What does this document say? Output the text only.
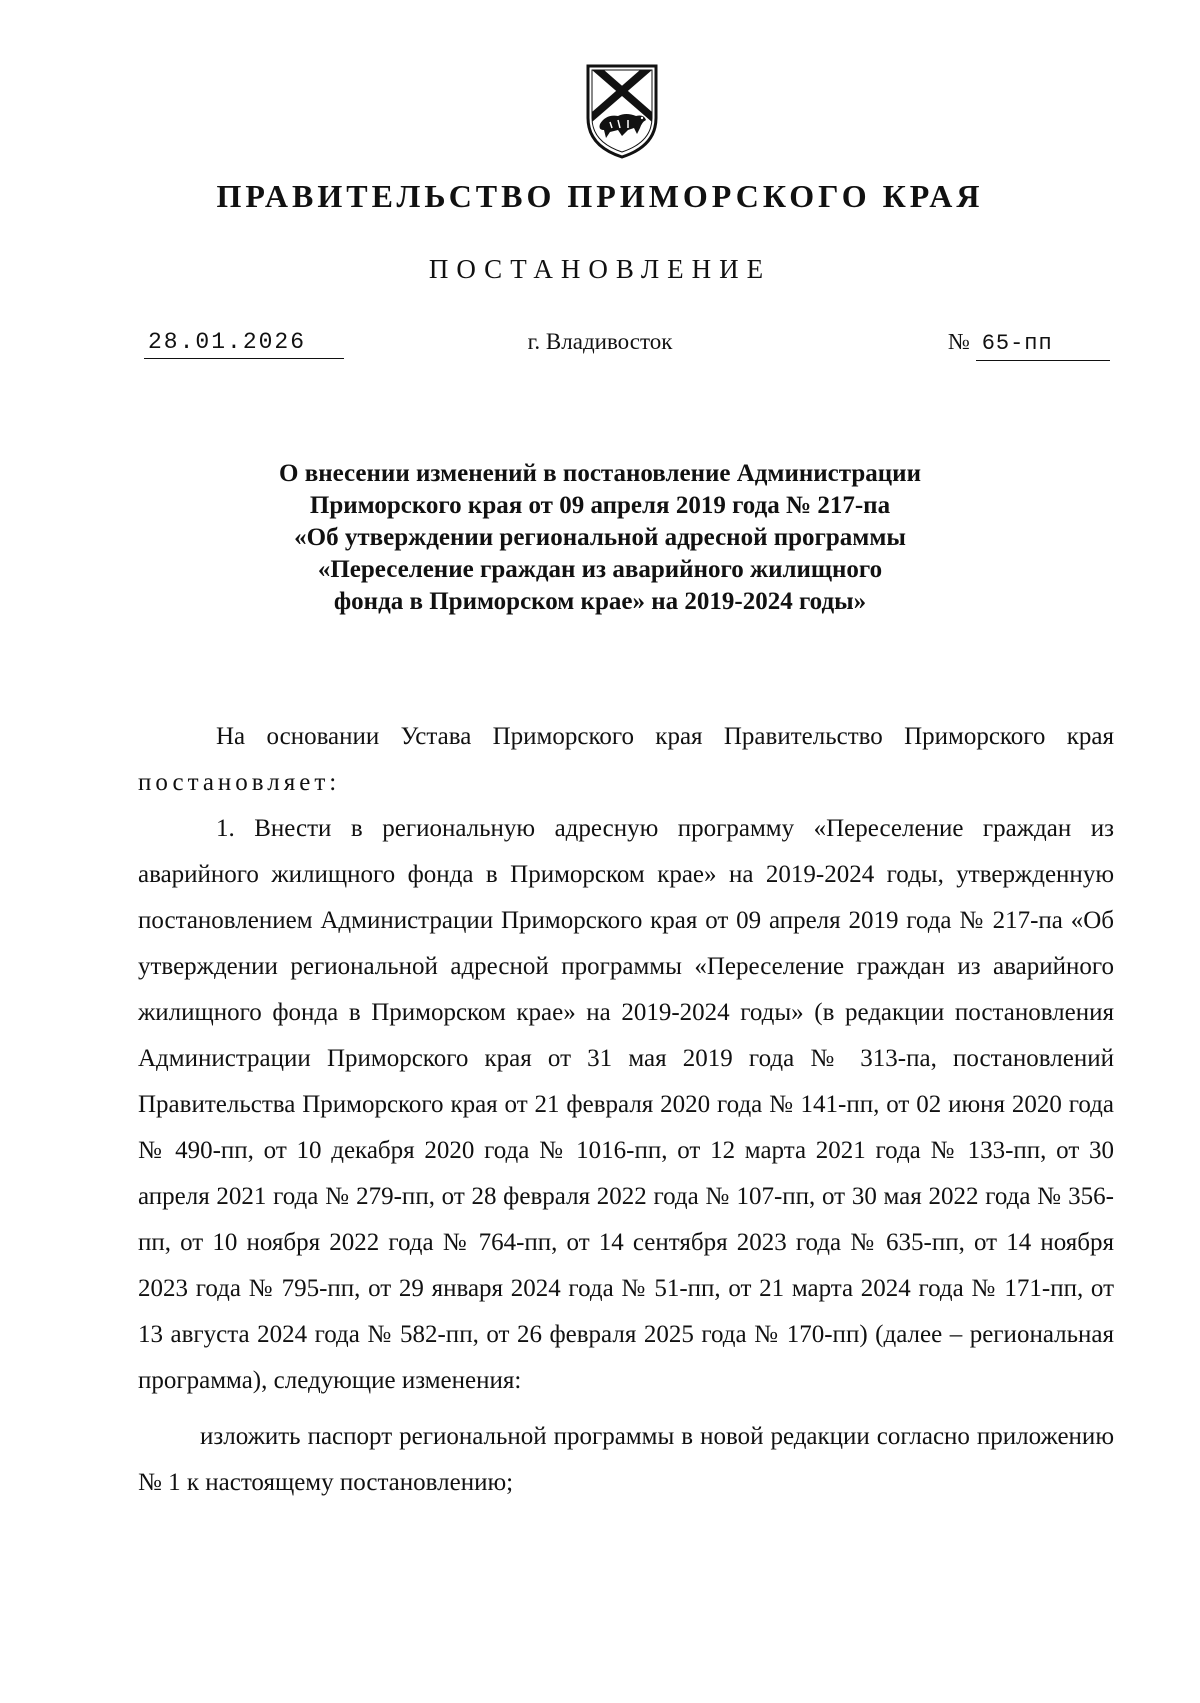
ПРАВИТЕЛЬСТВО ПРИМОРСКОГО КРАЯ
ПОСТАНОВЛЕНИЕ
28.01.2026	г. Владивосток	№ 65-пп
О внесении изменений в постановление Администрации
Приморского края от 09 апреля 2019 года № 217-па
«Об утверждении региональной адресной программы
«Переселение граждан из аварийного жилищного
фонда в Приморском крае» на 2019-2024 годы»

На основании Устава Приморского края Правительство Приморского края постановляет:

1. Внести в региональную адресную программу «Переселение граждан из аварийного жилищного фонда в Приморском крае» на 2019-2024 годы, утвержденную постановлением Администрации Приморского края от 09 апреля 2019 года № 217-па «Об утверждении региональной адресной программы «Переселение граждан из аварийного жилищного фонда в Приморском крае» на 2019-2024 годы» (в редакции постановления Администрации Приморского края от 31 мая 2019 года № 313-па, постановлений Правительства Приморского края от 21 февраля 2020 года № 141-пп, от 02 июня 2020 года № 490-пп, от 10 декабря 2020 года № 1016-пп, от 12 марта 2021 года № 133-пп, от 30 апреля 2021 года № 279-пп, от 28 февраля 2022 года № 107-пп, от 30 мая 2022 года № 356-пп, от 10 ноября 2022 года № 764-пп, от 14 сентября 2023 года № 635-пп, от 14 ноября 2023 года № 795-пп, от 29 января 2024 года № 51-пп, от 21 марта 2024 года № 171-пп, от 13 августа 2024 года № 582-пп, от 26 февраля 2025 года № 170-пп) (далее – региональная программа), следующие изменения:

изложить паспорт региональной программы в новой редакции согласно приложению № 1 к настоящему постановлению;
